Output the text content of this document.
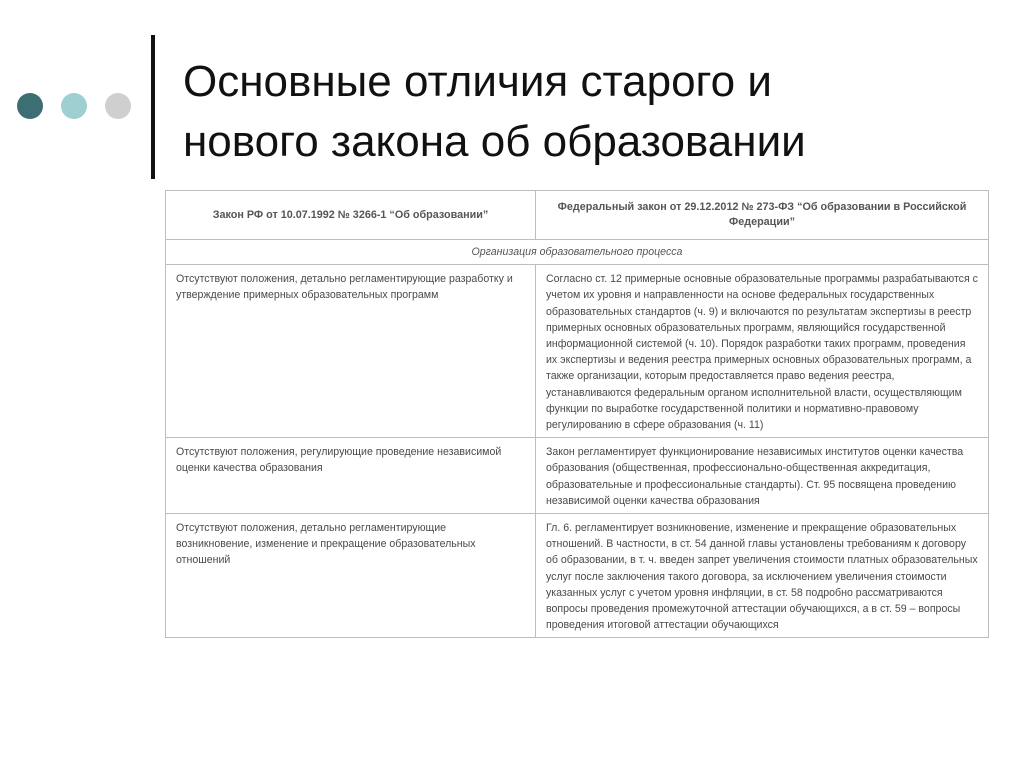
Основные отличия старого и
нового закона об образовании
Закон РФ от 10.07.1992 № 3266-1 “Об образовании”	Федеральный закон от 29.12.2012 № 273-ФЗ “Об образовании в Российской Федерации”
Организация образовательного процесса	
Отсутствуют положения, детально регламентирующие разработку и утверждение примерных образовательных программ	Согласно ст. 12 примерные основные образовательные программы разрабатываются с учетом их уровня и направленности на основе федеральных государственных образовательных стандартов (ч. 9) и включаются по результатам экспертизы в реестр примерных основных образовательных программ, являющийся государственной информационной системой (ч. 10). Порядок разработки таких программ, проведения их экспертизы и ведения реестра примерных основных образовательных программ, а также организации, которым предоставляется право ведения реестра, устанавливаются федеральным органом исполнительной власти, осуществляющим функции по выработке государственной политики и нормативно-правовому регулированию в сфере образования (ч. 11)
Отсутствуют положения, регулирующие проведение независимой оценки качества образования	Закон регламентирует функционирование независимых институтов оценки качества образования (общественная, профессионально-общественная аккредитация, образовательные и профессиональные стандарты). Ст. 95 посвящена проведению независимой оценки качества образования
Отсутствуют положения, детально регламентирующие возникновение, изменение и прекращение образовательных отношений	Гл. 6. регламентирует возникновение, изменение и прекращение образовательных отношений. В частности, в ст. 54 данной главы установлены требованиям к договору об образовании, в т. ч. введен запрет увеличения стоимости платных образовательных услуг после заключения такого договора, за исключением увеличения стоимости указанных услуг с учетом уровня инфляции, в ст. 58 подробно рассматриваются вопросы проведения промежуточной аттестации обучающихся, а в ст. 59 – вопросы проведения итоговой аттестации обучающихся
